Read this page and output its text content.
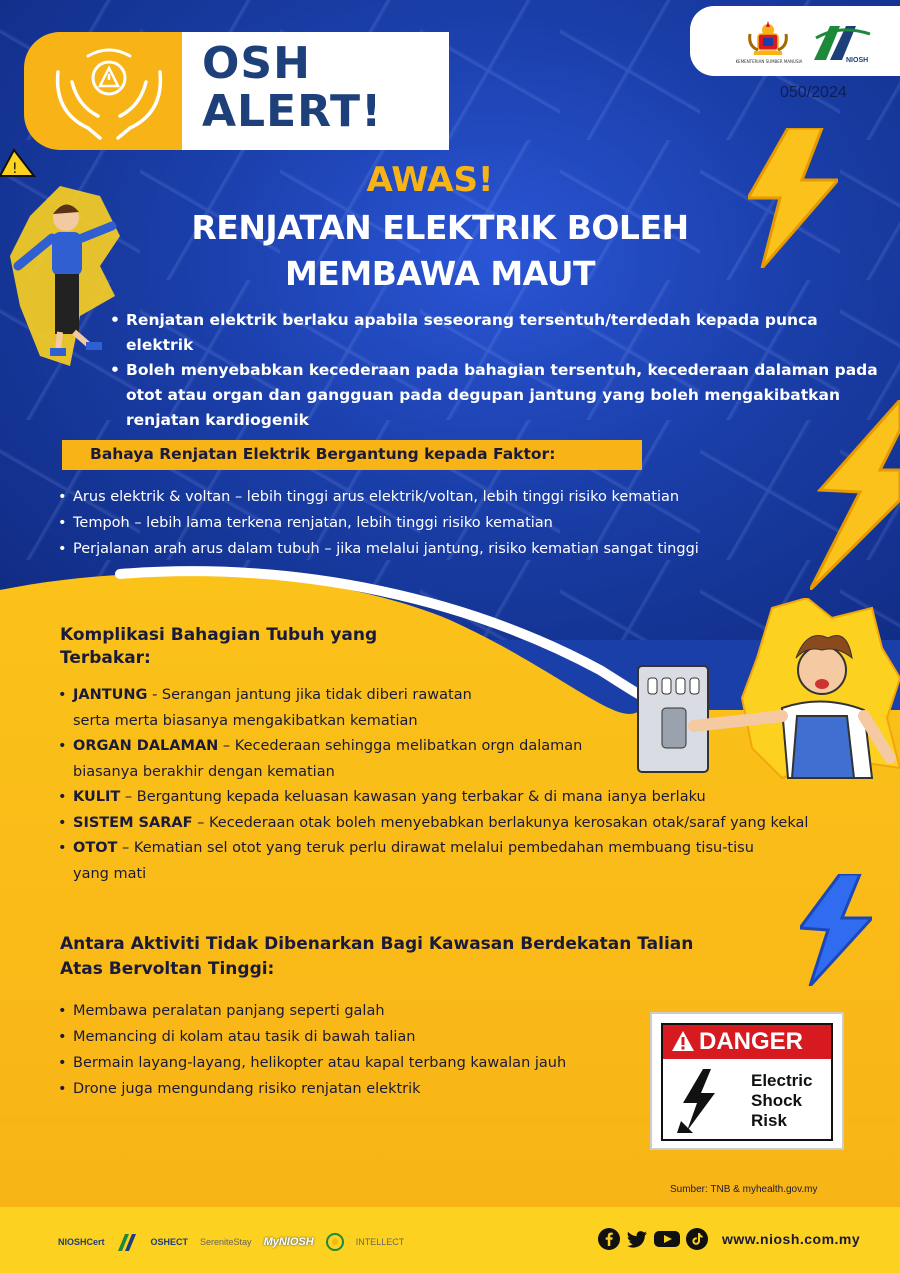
!
OSH
ALERT!
KEMENTERIAN SUMBER MANUSIA	NIOSH
050/2024
AWAS!
RENJATAN ELEKTRIK BOLEH
MEMBAWA MAUT
• Renjatan elektrik berlaku apabila seseorang tersentuh/terdedah kepada punca elektrik
• Boleh menyebabkan kecederaan pada bahagian tersentuh, kecederaan dalaman pada otot atau organ dan gangguan pada degupan jantung yang boleh mengakibatkan renjatan kardiogenik
Bahaya Renjatan Elektrik Bergantung kepada Faktor:
• Arus elektrik & voltan – lebih tinggi arus elektrik/voltan, lebih tinggi risiko kematian
• Tempoh – lebih lama terkena renjatan, lebih tinggi risiko kematian
• Perjalanan arah arus dalam tubuh – jika melalui jantung, risiko kematian sangat tinggi
Komplikasi Bahagian Tubuh yang
Terbakar:
• JANTUNG - Serangan jantung jika tidak diberi rawatan
serta merta biasanya mengakibatkan kematian
• ORGAN DALAMAN – Kecederaan sehingga melibatkan orgn dalaman
biasanya berakhir dengan kematian
• KULIT – Bergantung kepada keluasan kawasan yang terbakar & di mana ianya berlaku
• SISTEM SARAF – Kecederaan otak boleh menyebabkan berlakunya kerosakan otak/saraf yang kekal
• OTOT – Kematian sel otot yang teruk perlu dirawat melalui pembedahan membuang tisu-tisu
yang mati
Antara Aktiviti Tidak Dibenarkan Bagi Kawasan Berdekatan Talian
Atas Bervoltan Tinggi:
• Membawa peralatan panjang seperti galah
• Memancing di kolam atau tasik di bawah talian
• Bermain layang-layang, helikopter atau kapal terbang kawalan jauh
• Drone juga mengundang risiko renjatan elektrik
DANGER
Electric
Shock
Risk
Sumber: TNB & myhealth.gov.my
NIOSHCert	OSHECT SereniteStay MyNIOSH	INTELLECT	www.niosh.com.my
